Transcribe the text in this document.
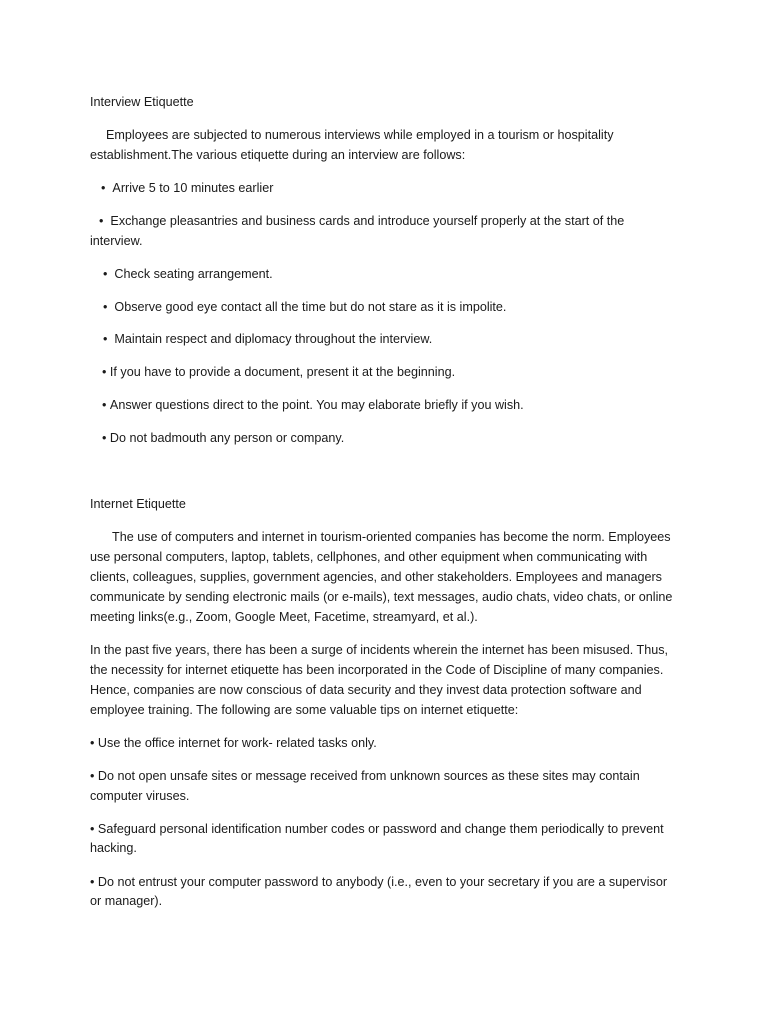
Interview Etiquette

Employees are subjected to numerous interviews while employed in a tourism or hospitality

establishment.The various etiquette during an interview are follows:

• Arrive 5 to 10 minutes earlier

• Exchange pleasantries and business cards and introduce yourself properly at the start of the

interview.

• Check seating arrangement.

• Observe good eye contact all the time but do not stare as it is impolite.

• Maintain respect and diplomacy throughout the interview.

• If you have to provide a document, present it at the beginning.

• Answer questions direct to the point. You may elaborate briefly if you wish.

• Do not badmouth any person or company.

Internet Etiquette

The use of computers and internet in tourism-oriented companies has become the norm. Employees

use personal computers, laptop, tablets, cellphones, and other equipment when communicating with

clients, colleagues, supplies, government agencies, and other stakeholders. Employees and managers

communicate by sending electronic mails (or e-mails), text messages, audio chats, video chats, or online

meeting links(e.g., Zoom, Google Meet, Facetime, streamyard, et al.).

In the past five years, there has been a surge of incidents wherein the internet has been misused. Thus,

the necessity for internet etiquette has been incorporated in the Code of Discipline of many companies.

Hence, companies are now conscious of data security and they invest data protection software and

employee training. The following are some valuable tips on internet etiquette:

• Use the office internet for work- related tasks only.

• Do not open unsafe sites or message received from unknown sources as these sites may contain

computer viruses.

• Safeguard personal identification number codes or password and change them periodically to prevent

hacking.

• Do not entrust your computer password to anybody (i.e., even to your secretary if you are a supervisor

or manager).
